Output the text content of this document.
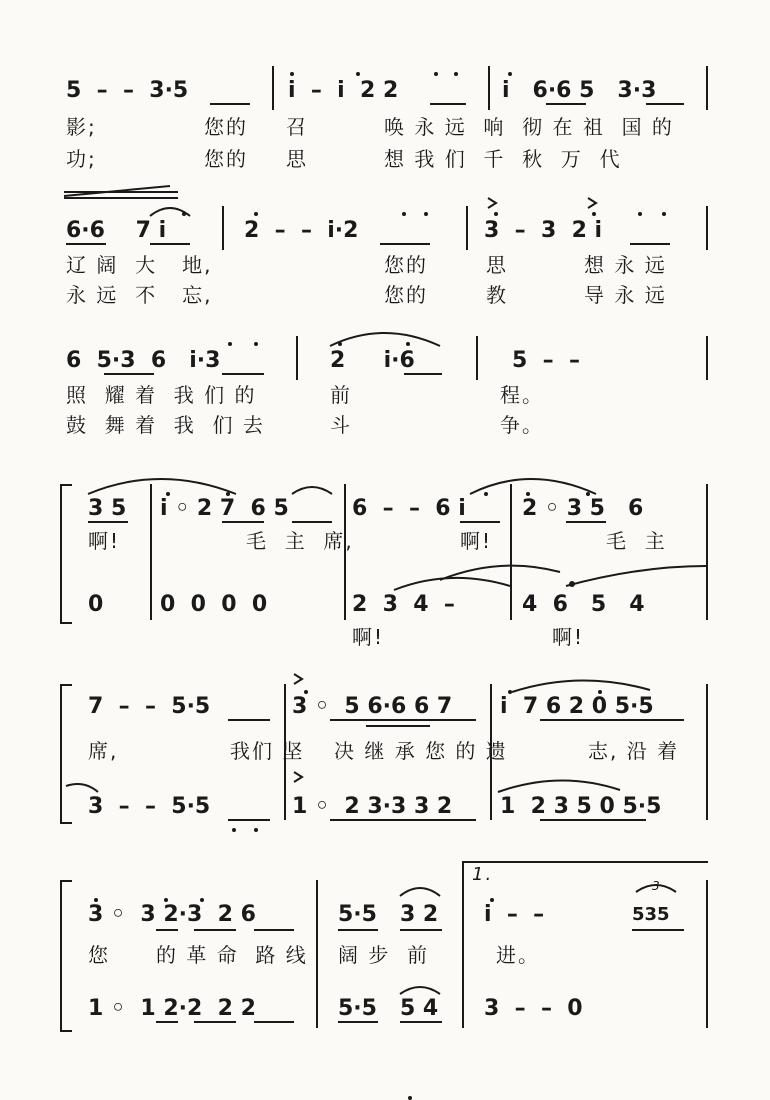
5  –  –  3·5	i  –  i  2 2	i   6·6 5   3·3
影;	您的 召	唤 永 远  响  彻 在 祖  国 的
功;	您的 思	想 我 们  千  秋  万  代
6·6    7 i	2  –  –  i·2	3  –  3  2 i
辽 阔  大   地,	您的	思	想 永 远
永 远  不   忘,	您的	教	导 永 远
6  5·3  6   i·3	2     i·6	5  –  –
照  耀 着  我 们 的	前	程。
鼓  舞 着  我  们 去	斗	争。
3 5 i ◦ 2 7  6 5	6  –  –  6 i	2 ◦ 3 5   6
啊!	毛  主  席,	啊!	毛  主
0	0  0  0  0	2  3  4  –	4  6   5   4
啊!	啊!
7  –  –  5·5	3 ◦  5 6·6 6 7 i  7 6 2 0 5·5
席,	我们 坚 决 继 承 您 的 遗	志, 沿 着
3  –  –  5·5	1 ◦  2 3·3 3 2 1  2 3 5 0 5·5
3 ◦  3 2·3  2 6	5·5   3 2 i  –  –	535
您 的 革 命  路 线 阔 步  前	进。
1 ◦  1 2·2  2 2	5·5   5 4 3  –  –  0
1.
3
